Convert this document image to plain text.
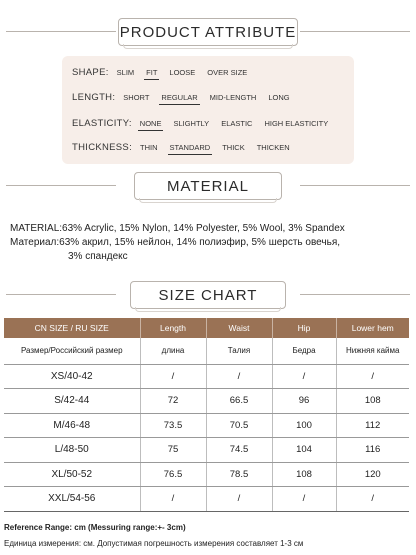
PRODUCT ATTRIBUTE
SHAPE: SLIM FIT LOOSE OVER SIZE
LENGTH: SHORT REGULAR MID-LENGTH LONG
ELASTICITY: NONE SLIGHTLY ELASTIC HIGH ELASTICITY
THICKNESS: THIN STANDARD THICK THICKEN
MATERIAL
MATERIAL:63% Acrylic, 15% Nylon, 14% Polyester, 5% Wool, 3% Spandex
Материал:63% акрил, 15% нейлон, 14% полиэфир, 5% шерсть овечья,
3% спандекс
SIZE CHART
CN SIZE / RU SIZE	Length	Waist	Hip	Lower hem
Размер/Российский размер	длина	Талия	Бедра	Нижняя кайма
XS/40-42	/	/	/	/
S/42-44	72	66.5	96	108
M/46-48	73.5	70.5	100	112
L/48-50	75	74.5	104	116
XL/50-52	76.5	78.5	108	120
XXL/54-56	/	/	/	/
Reference Range: cm (Messuring range:+- 3cm)
Единица измерения: см. Допустимая погрешность измерения составляет 1-3 см
